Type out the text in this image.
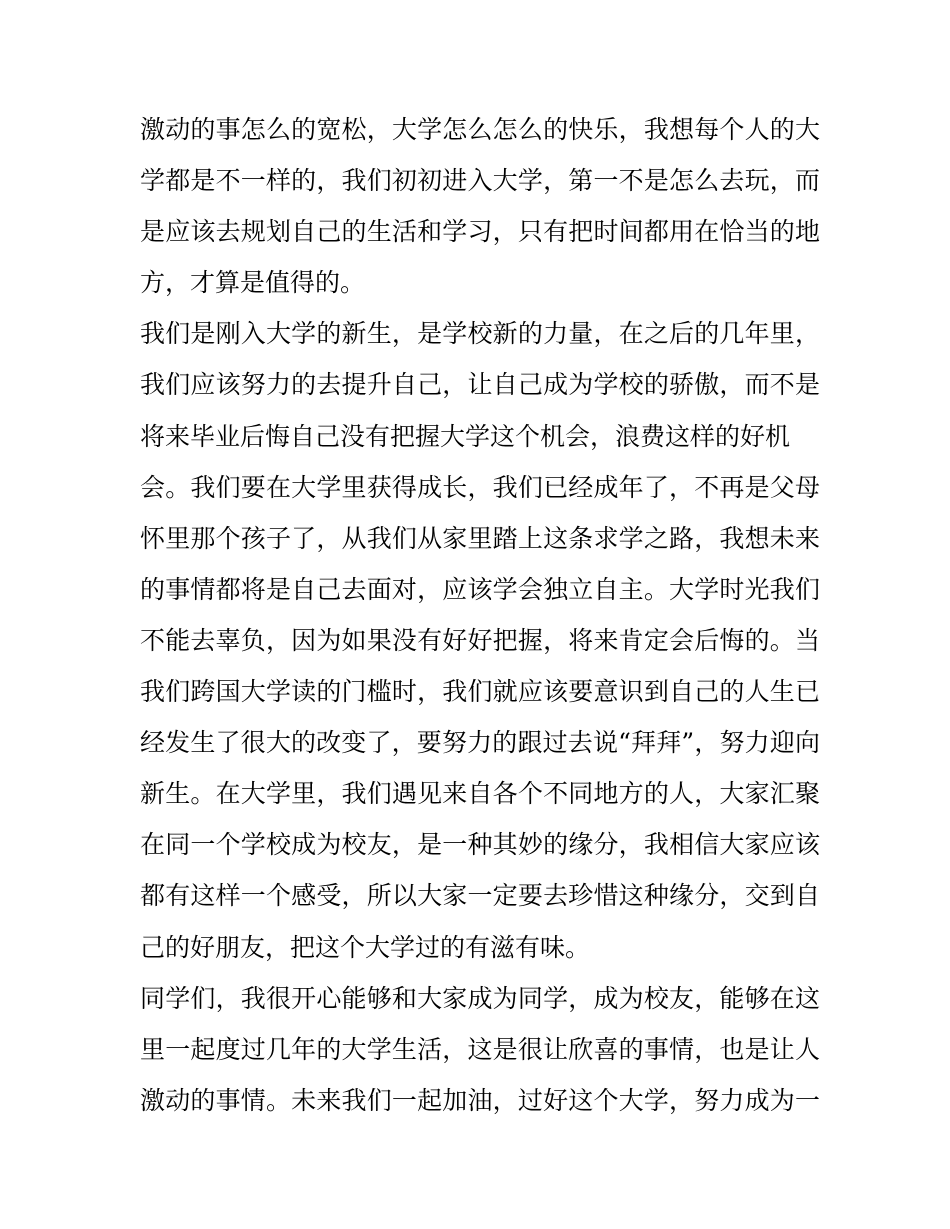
激动的事怎么的宽松，大学怎么怎么的快乐，我想每个人的大
学都是不一样的，我们初初进入大学，第一不是怎么去玩，而
是应该去规划自己的生活和学习，只有把时间都用在恰当的地
方，才算是值得的。
我们是刚入大学的新生，是学校新的力量，在之后的几年里，
我们应该努力的去提升自己，让自己成为学校的骄傲，而不是
将来毕业后悔自己没有把握大学这个机会，浪费这样的好机
会。我们要在大学里获得成长，我们已经成年了，不再是父母
怀里那个孩子了，从我们从家里踏上这条求学之路，我想未来
的事情都将是自己去面对，应该学会独立自主。大学时光我们
不能去辜负，因为如果没有好好把握，将来肯定会后悔的。当
我们跨国大学读的门槛时，我们就应该要意识到自己的人生已
经发生了很大的改变了，要努力的跟过去说“拜拜”，努力迎向
新生。在大学里，我们遇见来自各个不同地方的人，大家汇聚
在同一个学校成为校友，是一种其妙的缘分，我相信大家应该
都有这样一个感受，所以大家一定要去珍惜这种缘分，交到自
己的好朋友，把这个大学过的有滋有味。
同学们，我很开心能够和大家成为同学，成为校友，能够在这
里一起度过几年的大学生活，这是很让欣喜的事情，也是让人
激动的事情。未来我们一起加油，过好这个大学，努力成为一
